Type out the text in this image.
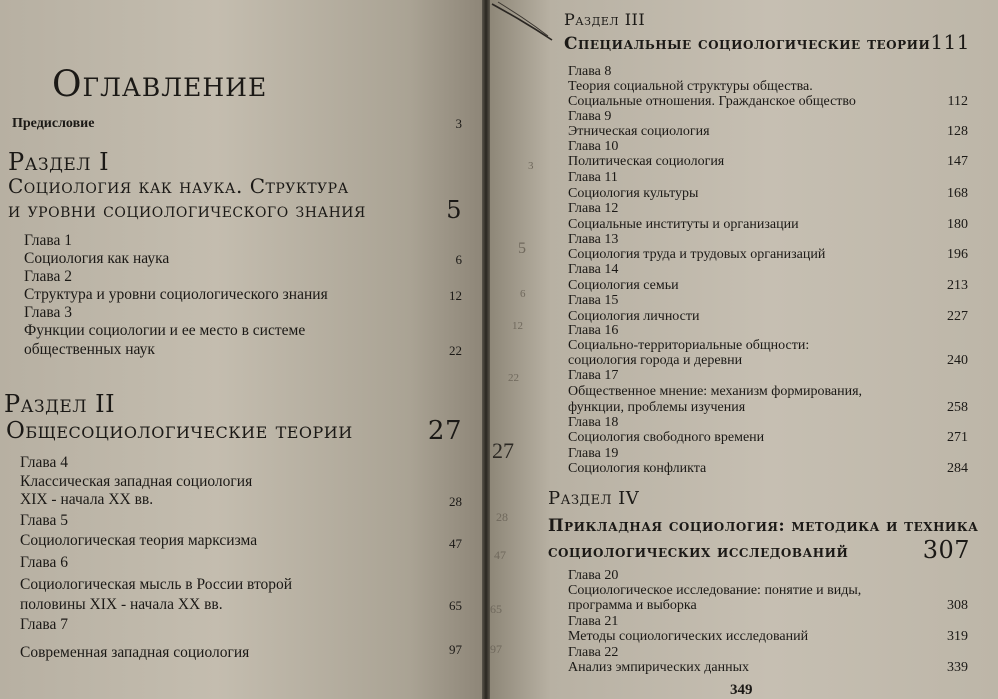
Оглавление
Предисловие	3
Раздел I
Социология как наука. Структура
и уровни социологического знания	5
Глава 1
Социология как наука	6
Глава 2
Структура и уровни социологического знания	12
Глава 3
Функции социологии и ее место в системе
общественных наук	22
Раздел II
Общесоциологические теории	27
Глава 4
Классическая западная социология
XIX - начала XX вв.	28
Глава 5
Социологическая теория марксизма	47
Глава 6
Социологическая мысль в России второй
половины XIX - начала XX вв.	65
Глава 7
Современная западная социология	97
3
5
6
12
22
27
28
47
65
97
Раздел III
Специальные социологические теории 111
Глава 8
Теория социальной структуры общества.
Социальные отношения. Гражданское общество	112
Глава 9
Этническая социология	128
Глава 10
Политическая социология	147
Глава 11
Социология культуры	168
Глава 12
Социальные институты и организации	180
Глава 13
Социология труда и трудовых организаций	196
Глава 14
Социология семьи	213
Глава 15
Социология личности	227
Глава 16
Социально-территориальные общности:
социология города и деревни	240
Глава 17
Общественное мнение: механизм формирования,
функции, проблемы изучения	258
Глава 18
Социология свободного времени	271
Глава 19
Социология конфликта	284
Раздел IV
Прикладная социология: методика и техника
социологических исследований	307
Глава 20
Социологическое исследование: понятие и виды,
программа и выборка	308
Глава 21
Методы социологических исследований	319
Глава 22
Анализ эмпирических данных	339
349
